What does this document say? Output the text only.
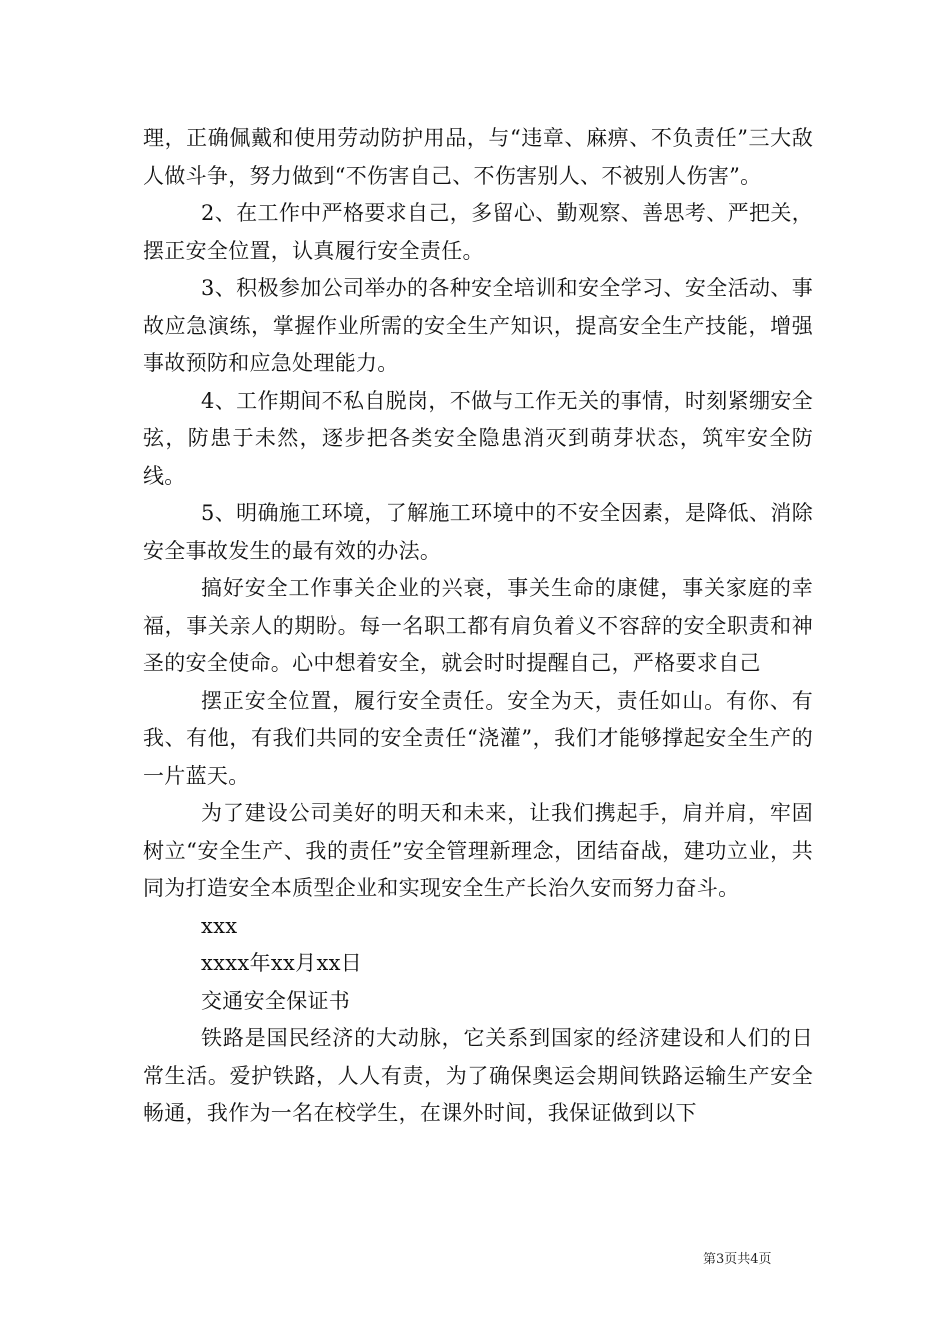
理，正确佩戴和使用劳动防护用品，与“违章、麻痹、不负责任”三大敌人做斗争，努力做到“不伤害自己、不伤害别人、不被别人伤害”。

2、在工作中严格要求自己，多留心、勤观察、善思考、严把关，摆正安全位置，认真履行安全责任。

3、积极参加公司举办的各种安全培训和安全学习、安全活动、事故应急演练，掌握作业所需的安全生产知识，提高安全生产技能，增强事故预防和应急处理能力。

4、工作期间不私自脱岗，不做与工作无关的事情，时刻紧绷安全弦，防患于未然，逐步把各类安全隐患消灭到萌芽状态，筑牢安全防线。

5、明确施工环境，了解施工环境中的不安全因素，是降低、消除安全事故发生的最有效的办法。

搞好安全工作事关企业的兴衰，事关生命的康健，事关家庭的幸福，事关亲人的期盼。每一名职工都有肩负着义不容辞的安全职责和神圣的安全使命。心中想着安全，就会时时提醒自己，严格要求自己

摆正安全位置，履行安全责任。安全为天，责任如山。有你、有我、有他，有我们共同的安全责任“浇灌”，我们才能够撑起安全生产的一片蓝天。

为了建设公司美好的明天和未来，让我们携起手，肩并肩，牢固树立“安全生产、我的责任”安全管理新理念，团结奋战，建功立业，共同为打造安全本质型企业和实现安全生产长治久安而努力奋斗。

xxx

xxxx年xx月xx日

交通安全保证书

铁路是国民经济的大动脉，它关系到国家的经济建设和人们的日常生活。爱护铁路，人人有责，为了确保奥运会期间铁路运输生产安全畅通，我作为一名在校学生，在课外时间，我保证做到以下

第3页共4页
